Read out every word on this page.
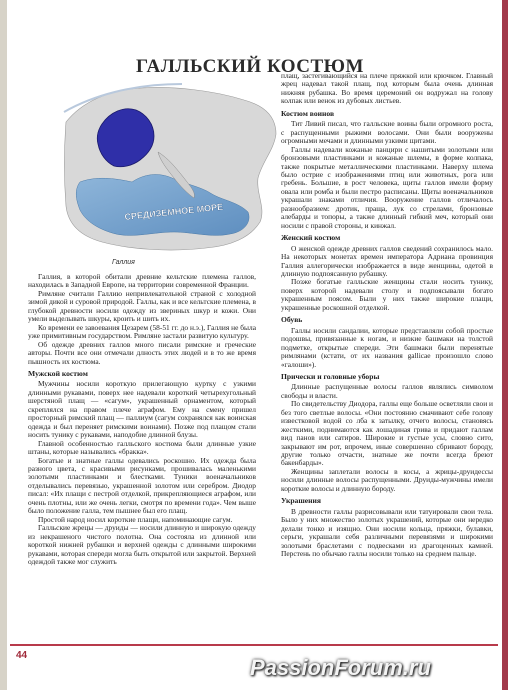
ГАЛЛЬСКИЙ КОСТЮМ
СРЕДИЗЕМНОЕ МОРЕ
Галлия

Галлия, в которой обитали древние кельтские племена галлов, находилась в Западной Европе, на территории современной Франции.

Римляне считали Галлию непривлекательной страной с холодной зимой дикой и суровой природой. Галлы, как и все кельтские племена, в глубокой древности носили одежду из звериных шкур и кожи. Они умели выделывать шкуры, кроить и шить их.

Ко времени ее завоевания Цезарем (58-51 гг. до н.э.), Галлия не была уже примитивным государством. Римляне застали развитую культуру.

Об одежде древних галлов много писали римские и греческие авторы. Почти все они отмечали длность этих людей и в то же время пышность их костюма.

Мужской костюм

Мужчины носили короткую прилегающую куртку с узкими длинными рукавами, поверх нее надевали короткий четырехугольный шерстяной плащ — «сагум», украшенный орнаментом, который скреплялся на правом плече аграфом. Ему на смену пришел просторный римский плащ — паллиум (сагум сохранялся как воинская одежда и был переняет римскими воинами). Позже под плащом стали носить тунику с рукавами, наподобие длинной блузы.

Главной особенностью галльского костюма были длинные узкие штаны, которые назывались «бракка».

Богатые и знатные галлы одевались роскошно. Их одежда была разного цвета, с красивыми рисунками, прошивалась маленькими золотыми пластинками и блестками. Туники военачальников отделывались перевязью, украшенной золотом или серебром. Диодор писал: «Их плащи с пестрой отделкой, прикрепляющиеся аграфом, или очень плотны, или же очень легки, смотря по времени года». Чем выше было положение галла, тем пышнее был его плащ.

Простой народ носил короткие плащи, напоминающие сагум.

Галльские жрецы — друиды — носили длинную и широкую одежду из некрашеного чистого полотна. Она состояла из длинной или короткой нижней рубашки и верхней одежды с длинными широкими рукавами, которая спереди могла быть открытой или закрытой. Верхней одеждой также мог служить

плащ, застегивающийся на плече пряжкой или крючком. Главный жрец надевал такой плащ, под которым была очень длинная нижняя рубашка. Во время церемоний он водружал на голову колпак или венок из дубовых листьев.

Костюм воинов

Тит Ливий писал, что галльские воины были огромного роста, с распущенными рыжими волосами. Они были вооружены огромными мечами и длинными узкими щитами.

Галлы надевали кожаные панцири с нашитыми золотыми или бронзовыми пластинками и кожаные шлемы, в форме колпака, также покрытые металлическими пластинками. Наверху шлема было острие с изображениями птиц или животных, рога или гребень. Большие, в рост человека, щиты галлов имели форму овала или ромба и были пестро расписаны. Щиты военачальников украшали знаками отличия. Вооружение галлов отличалось разнообразием: дротик, праща, лук со стрелами, бронзовые алебарды и топоры, а также длинный гибкий меч, который они носили с правой стороны, и кинжал.

Женский костюм

О женской одежде древних галлов сведений сохранилось мало. На некоторых монетах времен императора Адриана провинция Галлия аллегорически изображается в виде женщины, одетой в длинную подпоясанную рубашку.

Позже богатые галльские женщины стали носить тунику, поверх которой надевали столу и подпоясывали богато украшенным поясом. Были у них также широкие плащи, украшенные роскошной отделкой.

Обувь

Галлы носили сандалии, которые представляли собой простые подошвы, привязанные к ногам, и низкие башмаки на толстой подметке, открытые спереди. Эти башмаки были перенятые римлянами (кстати, от их названия gallicae произошло слово «галоши»).

Прически и головные уборы

Длинные распущенные волосы галлов являлись символом свободы и власти.

По свидетельству Диодора, галлы еще больше осветляли свои и без того светлые волосы. «Они постоянно смачивают себе голову известковой водой со лба к затылку, отчего волосы, становясь жесткими, поднимаются как лошадиная грива и придают галлам вид панов или сатиров. Широкие и густые усы, словно сито, закрывают им рот, впрочем, иные совершенно сбривают бороду, другие только отчасти, знатные же почти всегда бреют бакенбарды».

Женщины заплетали волосы в косы, а жрицы-друидессы носили длинные волосы распущенными. Друиды-мужчины имели короткие волосы и длинную бороду.

Украшения

В древности галлы разрисовывали или татуировали свои тела. Было у них множество золотых украшений, которые они нередко делали тонко и изящно. Они носили кольца, пряжки, булавки, серьги, украшали себя различными перевязями и широкими золотыми браслетами с подвесками из драгоценных камней. Перстень по обычаю галлы носили только на среднем пальце.

44	PassionForum.ru
